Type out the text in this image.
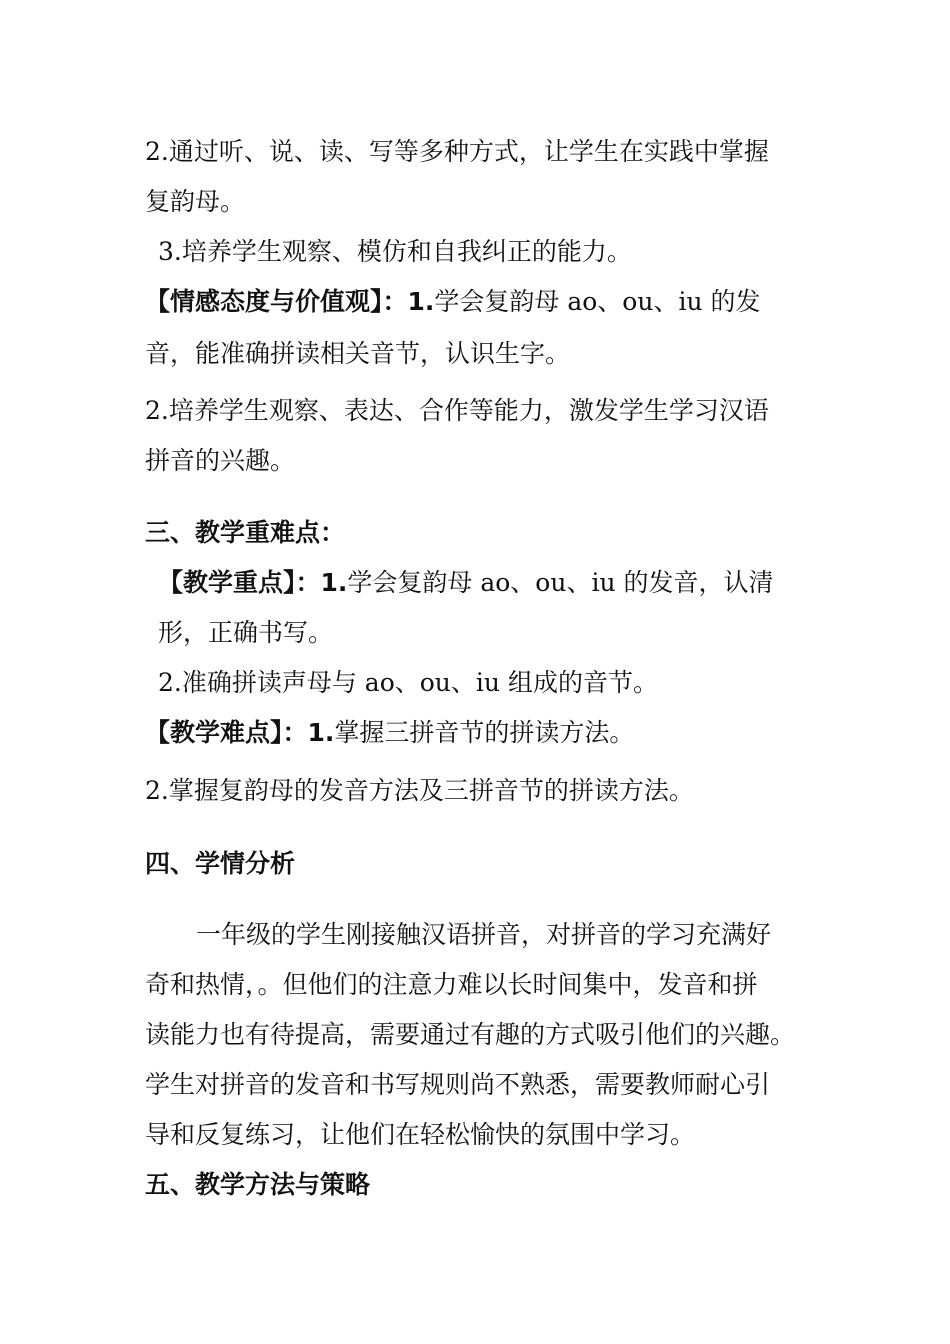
2.通过听、说、读、写等多种方式，让学生在实践中掌握
复韵母。
3.培养学生观察、模仿和自我纠正的能力。
【情感态度与价值观】：1.学会复韵母 ao、ou、iu 的发
音，能准确拼读相关音节，认识生字。
2.培养学生观察、表达、合作等能力，激发学生学习汉语
拼音的兴趣。
三、教学重难点：
【教学重点】：1.学会复韵母 ao、ou、iu 的发音，认清
形，正确书写。
2.准确拼读声母与 ao、ou、iu 组成的音节。
【教学难点】：1.掌握三拼音节的拼读方法。
2.掌握复韵母的发音方法及三拼音节的拼读方法。
四、学情分析
一年级的学生刚接触汉语拼音，对拼音的学习充满好
奇和热情，。但他们的注意力难以长时间集中，发音和拼
读能力也有待提高，需要通过有趣的方式吸引他们的兴趣。
学生对拼音的发音和书写规则尚不熟悉，需要教师耐心引
导和反复练习，让他们在轻松愉快的氛围中学习。
五、教学方法与策略
